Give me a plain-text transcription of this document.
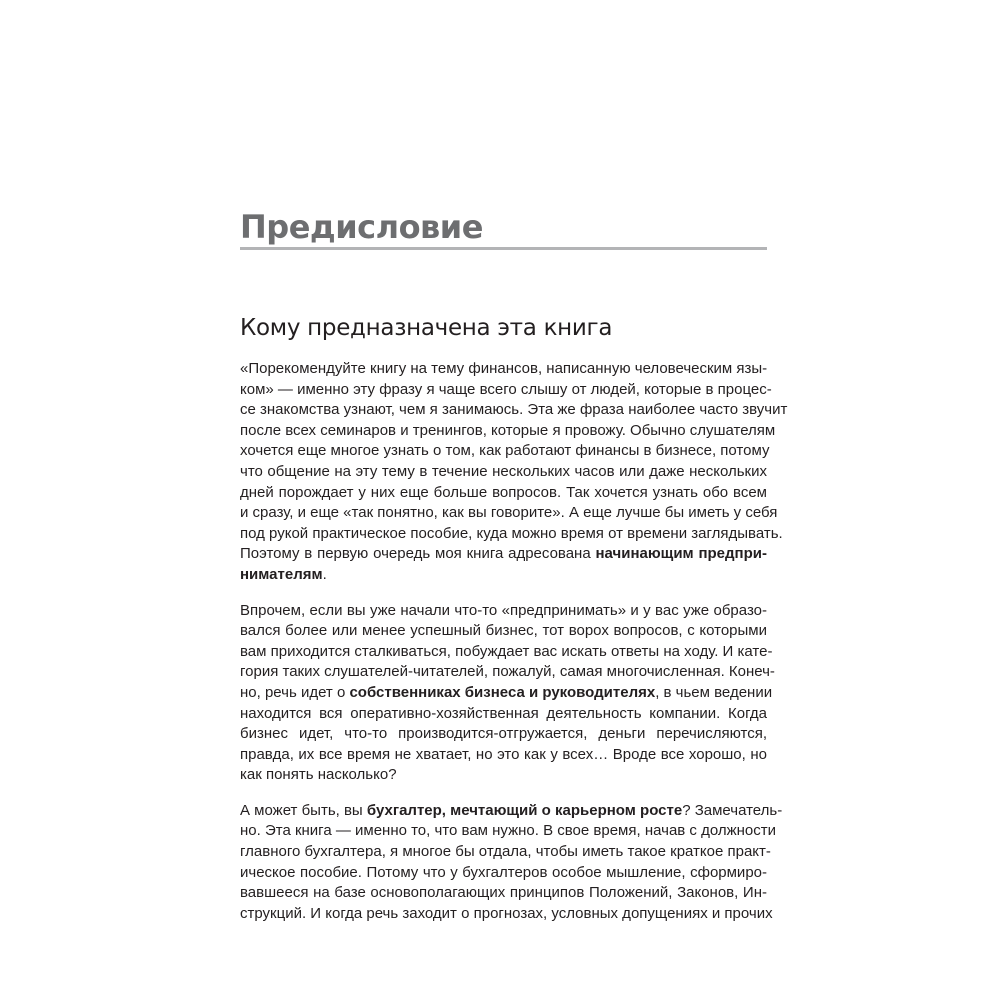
Предисловие
Кому предназначена эта книга
«Порекомендуйте книгу на тему финансов, написанную человеческим язы-
ком» — именно эту фразу я чаще всего слышу от людей, которые в процес-
се знакомства узнают, чем я занимаюсь. Эта же фраза наиболее часто звучит
после всех семинаров и тренингов, которые я провожу. Обычно слушателям
хочется еще многое узнать о том, как работают финансы в бизнесе, потому
что общение на эту тему в течение нескольких часов или даже нескольких
дней порождает у них еще больше вопросов. Так хочется узнать обо всем
и сразу, и еще «так понятно, как вы говорите». А еще лучше бы иметь у себя
под рукой практическое пособие, куда можно время от времени заглядывать.
Поэтому в первую очередь моя книга адресована начинающим предпри-
нимателям.
Впрочем, если вы уже начали что-то «предпринимать» и у вас уже образо-
вался более или менее успешный бизнес, тот ворох вопросов, с которыми
вам приходится сталкиваться, побуждает вас искать ответы на ходу. И кате-
гория таких слушателей-читателей, пожалуй, самая многочисленная. Конеч-
но, речь идет о собственниках бизнеса и руководителях, в чьем ведении
находится вся оперативно-хозяйственная деятельность компании. Когда
бизнес идет, что-то производится-отгружается, деньги перечисляются,
правда, их все время не хватает, но это как у всех… Вроде все хорошо, но
как понять насколько?
А может быть, вы бухгалтер, мечтающий о карьерном росте? Замечатель-
но. Эта книга — именно то, что вам нужно. В свое время, начав с должности
главного бухгалтера, я многое бы отдала, чтобы иметь такое краткое практ-
ическое пособие. Потому что у бухгалтеров особое мышление, сформиро-
вавшееся на базе основополагающих принципов Положений, Законов, Ин-
струкций. И когда речь заходит о прогнозах, условных допущениях и прочих
